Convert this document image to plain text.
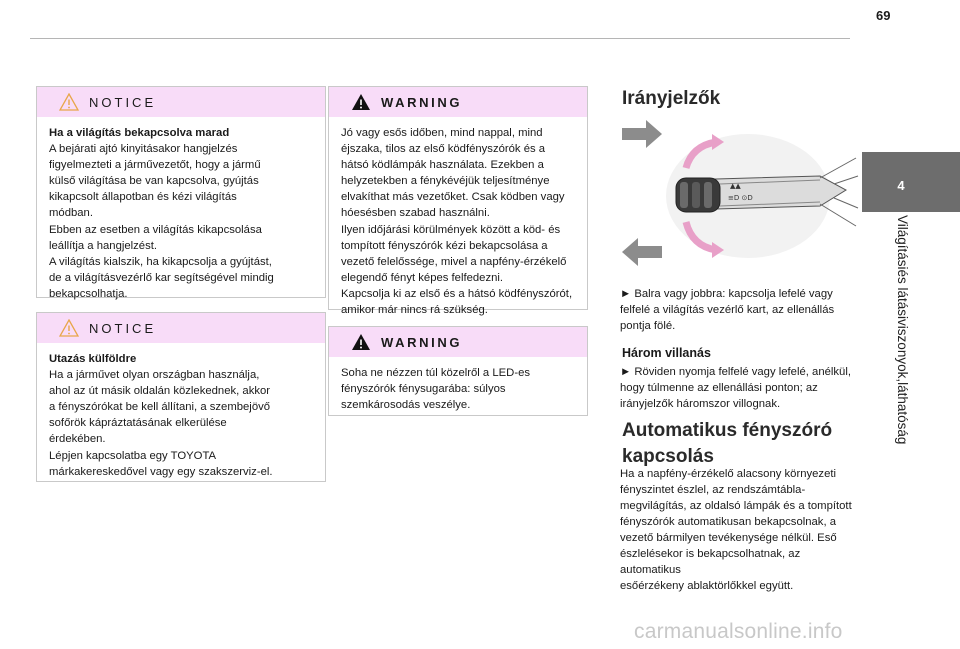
69
4
Világításiés látásiviszonyok,láthatóság
NOTICE

Ha a világítás bekapcsolva marad

A bejárati ajtó kinyitásakor hangjelzés

figyelmezteti a járművezetőt, hogy a jármű

külső világítása be van kapcsolva, gyújtás

kikapcsolt állapotban és kézi világítás

módban.

Ebben az esetben a világítás kikapcsolása

leállítja a hangjelzést.

A világítás kialszik, ha kikapcsolja a gyújtást,

de a világításvezérlő kar segítségével mindig

bekapcsolhatja.

NOTICE

Utazás külföldre

Ha a járművet olyan országban használja,

ahol az út másik oldalán közlekednek, akkor

a fényszórókat be kell állítani, a szembejövő

sofőrök kápráztatásának elkerülése

érdekében.

Lépjen kapcsolatba egy TOYOTA

márkakereskedővel vagy egy szakszerviz-el.

WARNING

Jó vagy esős időben, mind nappal, mind

éjszaka, tilos az első ködfényszórók és a

hátsó ködlámpák használata. Ezekben a

helyzetekben a fénykévéjük teljesítménye

elvakíthat más vezetőket. Csak ködben vagy

hóesésben szabad használni.

Ilyen időjárási körülmények között a köd- és

tompított fényszórók kézi bekapcsolása a

vezető felelőssége, mivel a napfény-érzékelő

elegendő fényt képes felfedezni.

Kapcsolja ki az első és a hátsó ködfényszórót,

amikor már nincs rá szükség.

WARNING

Soha ne nézzen túl közelről a LED-es

fényszórók fénysugarába: súlyos

szemkárosodás veszélye.

Irányjelzők
▲▲
≡D ⊙D

► Balra vagy jobbra: kapcsolja lefelé vagy

felfelé a világítás vezérlő kart, az ellenállás

pontja fölé.

Három villanás

► Röviden nyomja felfelé vagy lefelé, anélkül,

hogy túlmenne az ellenállási ponton; az

irányjelzők háromszor villognak.

Automatikus fényszóró
kapcsolás

Ha a napfény-érzékelő alacsony környezeti

fényszintet észlel, az rendszámtábla-

megvilágítás, az oldalsó lámpák és a tompított

fényszórók automatikusan bekapcsolnak, a

vezető bármilyen tevékenysége nélkül. Eső

észlelésekor is bekapcsolhatnak, az automatikus

esőérzékeny ablaktörlőkkel együtt.

carmanualsonline.info
